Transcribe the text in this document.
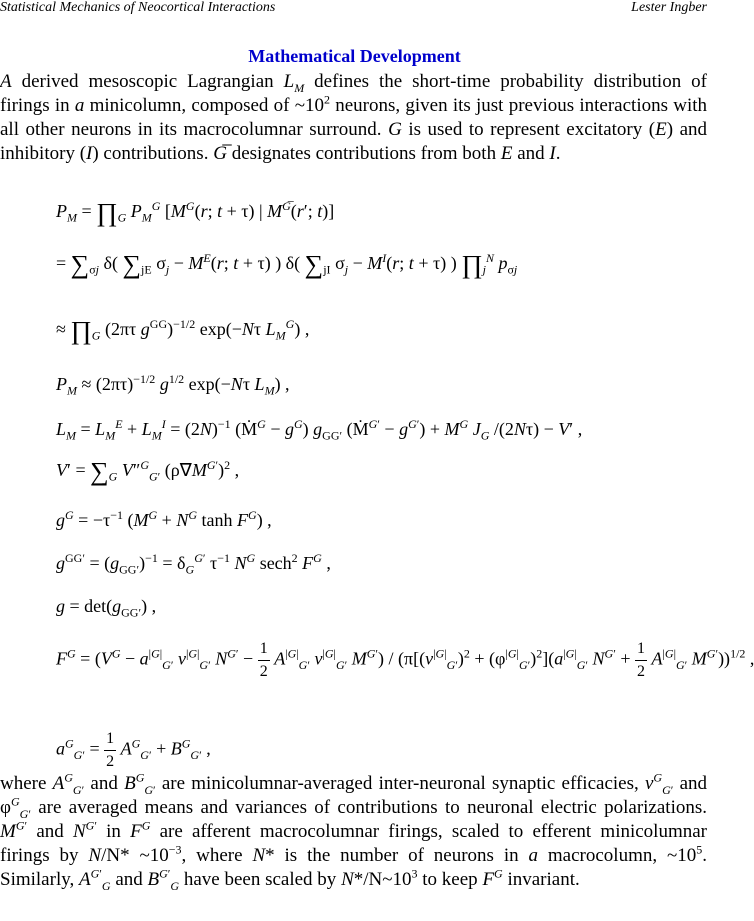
Statistical Mechanics of Neocortical Interactions	Lester Ingber
Mathematical Development
A derived mesoscopic Lagrangian $L_M$ defines the short-time probability distribution of firings in a minicolumn, composed of $\sim 10^2$ neurons, given its just previous interactions with all other neurons in its macrocolumnar surround. G is used to represent excitatory (E) and inhibitory (I) contributions. G̅ designates contributions from both E and I.
$P_M$ = $\prod_G$ $P_M^G$ [$M^G(r$; t + τ) | $M^G(r'$; t)]
= $\sum_{\sigma j}$ δ( $\sum_{jE}$ $\sigma_j - M^E(r$; t + τ) ) δ( $\sum_{jI}$ $\sigma_j - M^I(r$; t + τ) ) $\prod_j^N$ $p_{\sigma j}$
≈ $\prod_G$ (2πτ $g^{GG})^{-1/2}$ exp(−Nτ $L_M^G$) ,
$P_M \approx (2\pi\tau)^{-1/2}$ $g^{1/2}$ exp(−Nτ $L_M$) ,
$L_M = L_M^E + L_M^I = (2N)^{-1}$ (Ṁ$^G$ − $g^G$) $g_{GG'}$ (Ṁ$^{G'}$ − $g^{G'}) + M^G$ $J_G$ /(2Nτ) − V′ ,
$V' = \sum_G$ V″$^G_{G'}$ $(\rho\nabla M^{G'})^2$ ,
$g^G = -\tau^{-1}$ ($M^G + N^G$ $\tanh F^G$) ,
$g^{GG'} = (g_{GG'})^{-1} = \delta_G^{G'}$ $\tau^{-1}$ $N^G$ sech$^2$ $F^G$ ,
$g = \det(g_{GG'})$ ,
$F^G = (V^G - a^{|G|}_{G'}$ $v^{|G|}_{G'}$ $N^{G'} - \frac{1}{2} A^{|G|}_{G'}$ $v^{|G|}_{G'}$ $M^{G'}) / (\pi[(v^{|G|}_{G'})^2 + (\varphi^{|G|}_{G'})^2](a^{|G|}_{G'}$ $N^{G'} + \frac{1}{2} A^{|G|}_{G'}$ $M^{G'}))^{1/2}$ ,
$a^G_{G'} = \frac{1}{2} A^G_{G'} + B^G_{G'}$ ,
where $A^G_{G'}$ and $B^G_{G'}$ are minicolumnar-averaged inter-neuronal synaptic efficacies, $v^G_{G'}$ and $\varphi^G_{G'}$ are averaged means and variances of contributions to neuronal electric polarizations. $M^{G'}$ and $N^{G'}$ in $F^G$ are afferent macrocolumnar firings, scaled to efferent minicolumnar firings by N/N* $\sim 10^{-3}$, where N* is the number of neurons in a macrocolumn, $\sim 10^5$. Similarly, $A^{G'}_G$ and $B^{G'}_G$ have been scaled by $N*/N\sim 10^3$ to keep $F^G$ invariant.
